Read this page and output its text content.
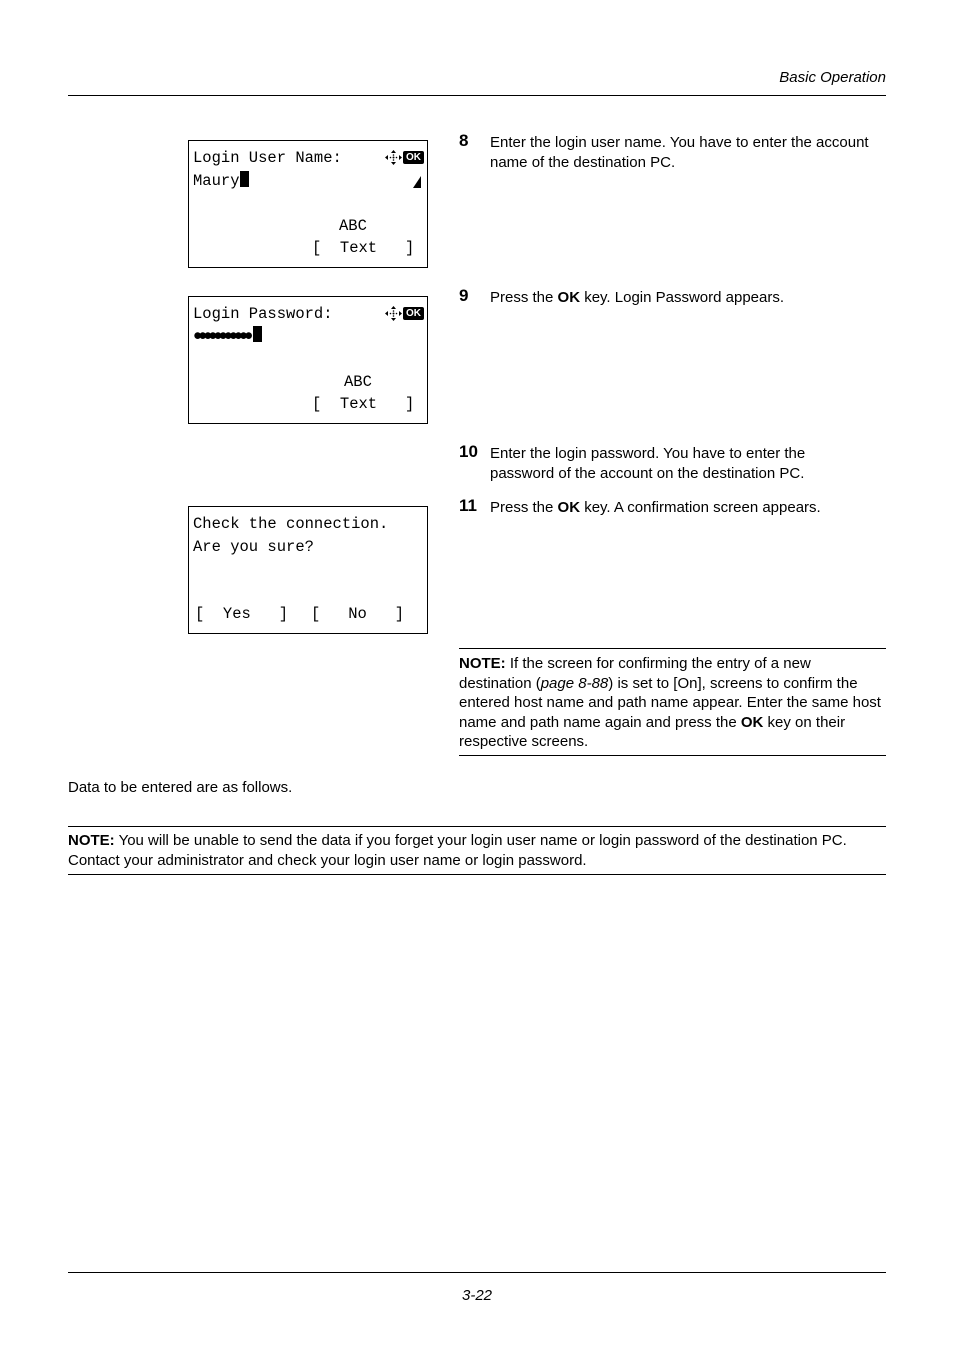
Basic Operation
Login User Name:	OK
Maury
ABC
[  Text   ]
Login Password:	OK
●●●●●●●●●●●
ABC
[  Text   ]
Check the connection.
Are you sure?
[  Yes   ] [   No   ]
8 Enter the login user name. You have to enter the account name of the destination PC.
9 Press the OK key. Login Password appears.
10 Enter the login password. You have to enter the password of the account on the destination PC.
11 Press the OK key. A confirmation screen appears.
NOTE: If the screen for confirming the entry of a new destination (page 8-88) is set to [On], screens to confirm the entered host name and path name appear. Enter the same host name and path name again and press the OK key on their respective screens.
Data to be entered are as follows.
NOTE: You will be unable to send the data if you forget your login user name or login password of the destination PC. Contact your administrator and check your login user name or login password.
3-22
